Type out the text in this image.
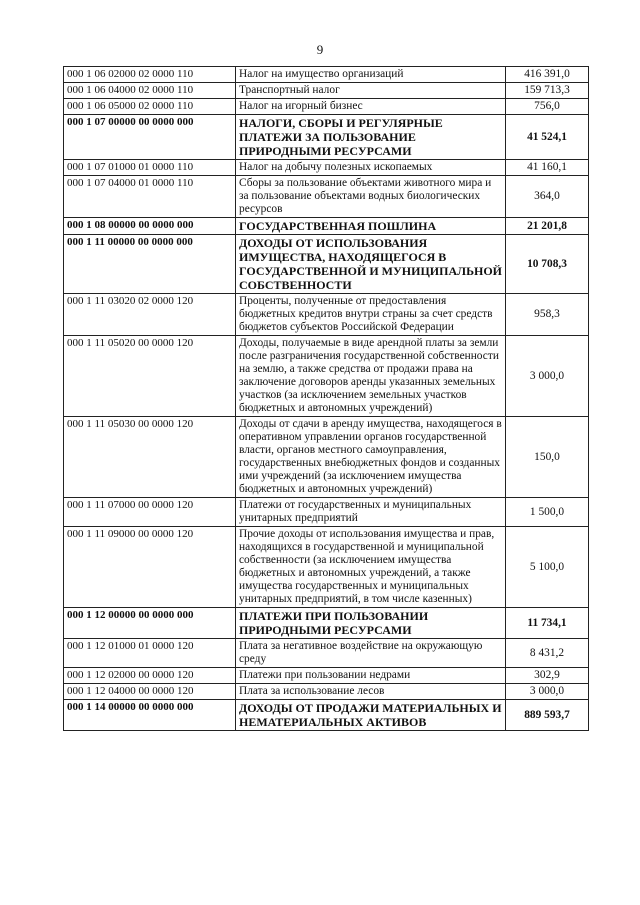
9
000 1 06 02000 02 0000 110	Налог на имущество организаций	416 391,0
000 1 06 04000 02 0000 110	Транспортный налог	159 713,3
000 1 06 05000 02 0000 110	Налог на игорный бизнес	756,0
000 1 07 00000 00 0000 000	НАЛОГИ, СБОРЫ И РЕГУЛЯРНЫЕ ПЛАТЕЖИ ЗА ПОЛЬЗОВАНИЕ ПРИРОДНЫМИ РЕСУРСАМИ	41 524,1
000 1 07 01000 01 0000 110	Налог на добычу полезных ископаемых	41 160,1
000 1 07 04000 01 0000 110	Сборы за пользование объектами животного мира и за пользование объектами водных биологических ресурсов	364,0
000 1 08 00000 00 0000 000	ГОСУДАРСТВЕННАЯ ПОШЛИНА	21 201,8
000 1 11 00000 00 0000 000	ДОХОДЫ ОТ ИСПОЛЬЗОВАНИЯ ИМУЩЕСТВА, НАХОДЯЩЕГОСЯ В ГОСУДАРСТВЕННОЙ И МУНИЦИПАЛЬНОЙ СОБСТВЕННОСТИ	10 708,3
000 1 11 03020 02 0000 120	Проценты, полученные от предоставления бюджетных кредитов внутри страны за счет средств бюджетов субъектов Российской Федерации	958,3
000 1 11 05020 00 0000 120	Доходы, получаемые в виде арендной платы за земли после разграничения государственной собственности на землю, а также средства от продажи права на заключение договоров аренды указанных земельных участков (за исключением земельных участков бюджетных и автономных учреждений)	3 000,0
000 1 11 05030 00 0000 120	Доходы от сдачи в аренду имущества, находящегося в оперативном управлении органов государственной власти, органов местного самоуправления, государственных внебюджетных фондов и созданных ими учреждений (за исключением имущества бюджетных и автономных учреждений)	150,0
000 1 11 07000 00 0000 120	Платежи от государственных и муниципальных унитарных предприятий	1 500,0
000 1 11 09000 00 0000 120	Прочие доходы от использования имущества и прав, находящихся в государственной и муниципальной собственности (за исключением имущества бюджетных и автономных учреждений, а также имущества государственных и муниципальных унитарных предприятий, в том числе казенных)	5 100,0
000 1 12 00000 00 0000 000	ПЛАТЕЖИ ПРИ ПОЛЬЗОВАНИИ ПРИРОДНЫМИ РЕСУРСАМИ	11 734,1
000 1 12 01000 01 0000 120	Плата за негативное воздействие на окружающую среду	8 431,2
000 1 12 02000 00 0000 120	Платежи при пользовании недрами	302,9
000 1 12 04000 00 0000 120	Плата за использование лесов	3 000,0
000 1 14 00000 00 0000 000	ДОХОДЫ ОТ ПРОДАЖИ МАТЕРИАЛЬНЫХ И НЕМАТЕРИАЛЬНЫХ АКТИВОВ	889 593,7
